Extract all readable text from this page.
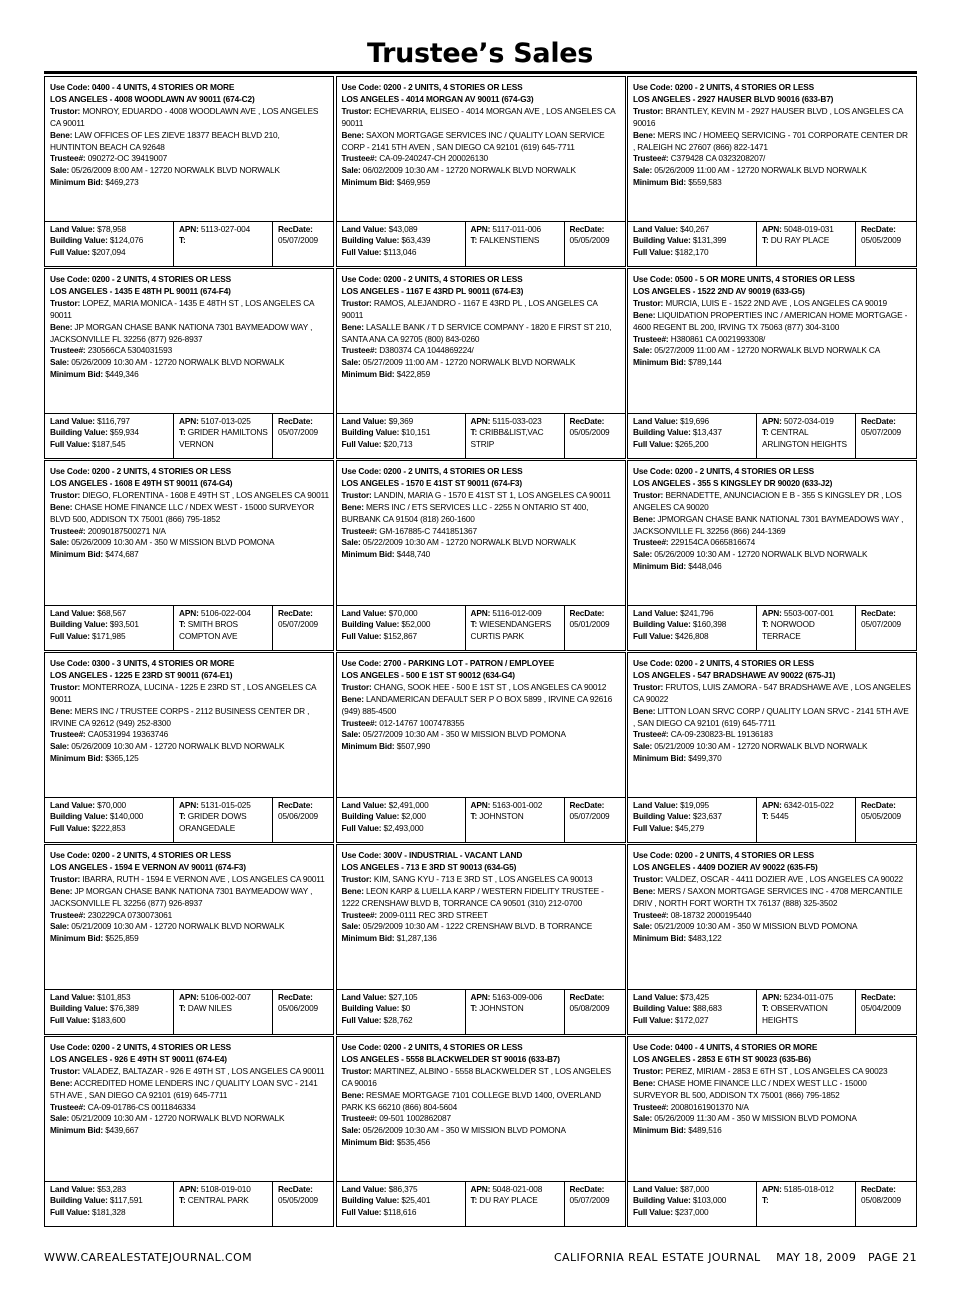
Trustee’s Sales

Use Code: 0400 - 4 UNITS, 4 STORIES OR MORE

LOS ANGELES - 4008 WOODLAWN AV 90011 (674-C2)

Trustor: MONROY, EDUARDO - 4008 WOODLAWN AVE , LOS ANGELES CA 90011

Bene: LAW OFFICES OF LES ZIEVE 18377 BEACH BLVD 210, HUNTINTON BEACH CA 92648

Trustee#: 090272-OC 39419007

Sale: 05/26/2009 8:00 AM - 12720 NORWALK BLVD NORWALK

Minimum Bid: $469,273

Land Value: $78,958
Building Value: $124,076
Full Value: $207,094
APN: 5113-027-004
T:
RecDate:
05/07/2009

Use Code: 0200 - 2 UNITS, 4 STORIES OR LESS

LOS ANGELES - 4014 MORGAN AV 90011 (674-G3)

Trustor: ECHEVARRIA, ELISEO - 4014 MORGAN AVE , LOS ANGELES CA 90011

Bene: SAXON MORTGAGE SERVICES INC / QUALITY LOAN SERVICE CORP - 2141 5TH AVEN , SAN DIEGO CA 92101 (619) 645-7711

Trustee#: CA-09-240247-CH 200026130

Sale: 06/02/2009 10:30 AM - 12720 NORWALK BLVD NORWALK

Minimum Bid: $469,959

Land Value: $43,089
Building Value: $63,439
Full Value: $113,046
APN: 5117-011-006
T: FALKENSTIENS
RecDate:
05/05/2009

Use Code: 0200 - 2 UNITS, 4 STORIES OR LESS

LOS ANGELES - 2927 HAUSER BLVD 90016 (633-B7)

Trustor: BRANTLEY, KEVIN M - 2927 HAUSER BLVD , LOS ANGELES CA 90016

Bene: MERS INC / HOMEEQ SERVICING - 701 CORPORATE CENTER DR , RALEIGH NC 27607 (866) 822-1471

Trustee#: C379428 CA 0323208207/

Sale: 05/26/2009 11:00 AM - 12720 NORWALK BLVD NORWALK

Minimum Bid: $559,583

Land Value: $40,267
Building Value: $131,399
Full Value: $182,170
APN: 5048-019-031
T: DU RAY PLACE
RecDate:
05/05/2009

Use Code: 0200 - 2 UNITS, 4 STORIES OR LESS

LOS ANGELES - 1435 E 48TH PL 90011 (674-F4)

Trustor: LOPEZ, MARIA MONICA - 1435 E 48TH ST , LOS ANGELES CA 90011

Bene: JP MORGAN CHASE BANK NATIONA 7301 BAYMEADOW WAY , JACKSONVILLE FL 32256 (877) 926-8937

Trustee#: 230566CA 5304031593

Sale: 05/26/2009 10:30 AM - 12720 NORWALK BLVD NORWALK

Minimum Bid: $449,346

Land Value: $116,797
Building Value: $59,934
Full Value: $187,545
APN: 5107-013-025
T: GRIDER HAMILTONS VERNON
RecDate:
05/07/2009

Use Code: 0200 - 2 UNITS, 4 STORIES OR LESS

LOS ANGELES - 1167 E 43RD PL 90011 (674-E3)

Trustor: RAMOS, ALEJANDRO - 1167 E 43RD PL , LOS ANGELES CA 90011

Bene: LASALLE BANK / T D SERVICE COMPANY - 1820 E FIRST ST 210, SANTA ANA CA 92705 (800) 843-0260

Trustee#: D380374 CA 1044869224/

Sale: 05/27/2009 11:00 AM - 12720 NORWALK BLVD NORWALK

Minimum Bid: $422,859

Land Value: $9,369
Building Value: $10,151
Full Value: $20,713
APN: 5115-033-023
T: CRIBB&LIST,VAC STRIP
RecDate:
05/05/2009

Use Code: 0500 - 5 OR MORE UNITS, 4 STORIES OR LESS

LOS ANGELES - 1522 2ND AV 90019 (633-G5)

Trustor: MURCIA, LUIS E - 1522 2ND AVE , LOS ANGELES CA 90019

Bene: LIQUIDATION PROPERTIES INC / AMERICAN HOME MORTGAGE - 4600 REGENT BL 200, IRVING TX 75063 (877) 304-3100

Trustee#: H380861 CA 0021993308/

Sale: 05/27/2009 11:00 AM - 12720 NORWALK BLVD NORWALK CA

Minimum Bid: $789,144

Land Value: $19,696
Building Value: $13,437
Full Value: $265,200
APN: 5072-034-019
T: CENTRAL ARLINGTON HEIGHTS
RecDate:
05/07/2009

Use Code: 0200 - 2 UNITS, 4 STORIES OR LESS

LOS ANGELES - 1608 E 49TH ST 90011 (674-G4)

Trustor: DIEGO, FLORENTINA - 1608 E 49TH ST , LOS ANGELES CA 90011

Bene: CHASE HOME FINANCE LLC / NDEX WEST - 15000 SURVEYOR BLVD 500, ADDISON TX 75001 (866) 795-1852

Trustee#: 20090187500271 N/A

Sale: 05/26/2009 10:30 AM - 350 W MISSION BLVD POMONA

Minimum Bid: $474,687

Land Value: $68,567
Building Value: $93,501
Full Value: $171,985
APN: 5106-022-004
T: SMITH BROS COMPTON AVE
RecDate:
05/07/2009

Use Code: 0200 - 2 UNITS, 4 STORIES OR LESS

LOS ANGELES - 1570 E 41ST ST 90011 (674-F3)

Trustor: LANDIN, MARIA G - 1570 E 41ST ST 1, LOS ANGELES CA 90011

Bene: MERS INC / ETS SERVICES LLC - 2255 N ONTARIO ST 400, BURBANK CA 91504 (818) 260-1600

Trustee#: GM-167885-C 7441851367

Sale: 05/22/2009 10:30 AM - 12720 NORWALK BLVD NORWALK

Minimum Bid: $448,740

Land Value: $70,000
Building Value: $52,000
Full Value: $152,867
APN: 5116-012-009
T: WIESENDANGERS CURTIS PARK
RecDate:
05/01/2009

Use Code: 0200 - 2 UNITS, 4 STORIES OR LESS

LOS ANGELES - 355 S KINGSLEY DR 90020 (633-J2)

Trustor: BERNADETTE, ANUNCIACION E B - 355 S KINGSLEY DR , LOS ANGELES CA 90020

Bene: JPMORGAN CHASE BANK NATIONAL 7301 BAYMEADOWS WAY , JACKSONVILLE FL 32256 (866) 244-1369

Trustee#: 229154CA 0665816674

Sale: 05/26/2009 10:30 AM - 12720 NORWALK BLVD NORWALK

Minimum Bid: $448,046

Land Value: $241,796
Building Value: $160,398
Full Value: $426,808
APN: 5503-007-001
T: NORWOOD TERRACE
RecDate:
05/07/2009

Use Code: 0300 - 3 UNITS, 4 STORIES OR MORE

LOS ANGELES - 1225 E 23RD ST 90011 (674-E1)

Trustor: MONTERROZA, LUCINA - 1225 E 23RD ST , LOS ANGELES CA 90011

Bene: MERS INC / TRUSTEE CORPS - 2112 BUSINESS CENTER DR , IRVINE CA 92612 (949) 252-8300

Trustee#: CA0531994 19363746

Sale: 05/26/2009 10:30 AM - 12720 NORWALK BLVD NORWALK

Minimum Bid: $365,125

Land Value: $70,000
Building Value: $140,000
Full Value: $222,853
APN: 5131-015-025
T: GRIDER DOWS ORANGEDALE
RecDate:
05/06/2009

Use Code: 2700 - PARKING LOT - PATRON / EMPLOYEE

LOS ANGELES - 500 E 1ST ST 90012 (634-G4)

Trustor: CHANG, SOOK HEE - 500 E 1ST ST , LOS ANGELES CA 90012

Bene: LANDAMERICAN DEFAULT SER P O BOX 5899 , IRVINE CA 92616 (949) 885-4500

Trustee#: 012-14767 1007478355

Sale: 05/27/2009 10:30 AM - 350 W MISSION BLVD POMONA

Minimum Bid: $507,990

Land Value: $2,491,000
Building Value: $2,000
Full Value: $2,493,000
APN: 5163-001-002
T: JOHNSTON
RecDate:
05/07/2009

Use Code: 0200 - 2 UNITS, 4 STORIES OR LESS

LOS ANGELES - 547 BRADSHAWE AV 90022 (675-J1)

Trustor: FRUTOS, LUIS ZAMORA - 547 BRADSHAWE AVE , LOS ANGELES CA 90022

Bene: LITTON LOAN SRVC CORP / QUALITY LOAN SRVC - 2141 5TH AVE , SAN DIEGO CA 92101 (619) 645-7711

Trustee#: CA-09-230823-BL 19136183

Sale: 05/21/2009 10:30 AM - 12720 NORWALK BLVD NORWALK

Minimum Bid: $499,370

Land Value: $19,095
Building Value: $23,637
Full Value: $45,279
APN: 6342-015-022
T: 5445
RecDate:
05/05/2009

Use Code: 0200 - 2 UNITS, 4 STORIES OR LESS

LOS ANGELES - 1594 E VERNON AV 90011 (674-F3)

Trustor: IBARRA, RUTH - 1594 E VERNON AVE , LOS ANGELES CA 90011

Bene: JP MORGAN CHASE BANK NATIONA 7301 BAYMEADOW WAY , JACKSONVILLE FL 32256 (877) 926-8937

Trustee#: 230229CA 0730073061

Sale: 05/21/2009 10:30 AM - 12720 NORWALK BLVD NORWALK

Minimum Bid: $525,859

Land Value: $101,853
Building Value: $76,389
Full Value: $183,600
APN: 5106-002-007
T: DAW NILES
RecDate:
05/06/2009

Use Code: 300V - INDUSTRIAL - VACANT LAND

LOS ANGELES - 713 E 3RD ST 90013 (634-G5)

Trustor: KIM, SANG KYU - 713 E 3RD ST , LOS ANGELES CA 90013

Bene: LEON KARP & LUELLA KARP / WESTERN FIDELITY TRUSTEE - 1222 CRENSHAW BLVD B, TORRANCE CA 90501 (310) 212-0700

Trustee#: 2009-0111 REC 3RD STREET

Sale: 05/29/2009 10:30 AM - 1222 CRENSHAW BLVD. B TORRANCE

Minimum Bid: $1,287,136

Land Value: $27,105
Building Value: $0
Full Value: $28,762
APN: 5163-009-006
T: JOHNSTON
RecDate:
05/08/2009

Use Code: 0200 - 2 UNITS, 4 STORIES OR LESS

LOS ANGELES - 4409 DOZIER AV 90022 (635-F5)

Trustor: VALDEZ, OSCAR - 4411 DOZIER AVE , LOS ANGELES CA 90022

Bene: MERS / SAXON MORTGAGE SERVICES INC - 4708 MERCANTILE DRIV , NORTH FORT WORTH TX 76137 (888) 325-3502

Trustee#: 08-18732 2000195440

Sale: 05/21/2009 10:30 AM - 350 W MISSION BLVD POMONA

Minimum Bid: $483,122

Land Value: $73,425
Building Value: $88,683
Full Value: $172,027
APN: 5234-011-075
T: OBSERVATION HEIGHTS
RecDate:
05/04/2009

Use Code: 0200 - 2 UNITS, 4 STORIES OR LESS

LOS ANGELES - 926 E 49TH ST 90011 (674-E4)

Trustor: VALADEZ, BALTAZAR - 926 E 49TH ST , LOS ANGELES CA 90011

Bene: ACCREDITED HOME LENDERS INC / QUALITY LOAN SVC - 2141 5TH AVE , SAN DIEGO CA 92101 (619) 645-7711

Trustee#: CA-09-01786-CS 0011846334

Sale: 05/21/2009 10:30 AM - 12720 NORWALK BLVD NORWALK

Minimum Bid: $439,667

Land Value: $53,283
Building Value: $117,591
Full Value: $181,328
APN: 5108-019-010
T: CENTRAL PARK
RecDate:
05/05/2009

Use Code: 0200 - 2 UNITS, 4 STORIES OR LESS

LOS ANGELES - 5558 BLACKWELDER ST 90016 (633-B7)

Trustor: MARTINEZ, ALBINO - 5558 BLACKWELDER ST , LOS ANGELES CA 90016

Bene: RESMAE MORTGAGE 7101 COLLEGE BLVD 1400, OVERLAND PARK KS 66210 (866) 804-5604

Trustee#: 09-501 1002862087

Sale: 05/26/2009 10:30 AM - 350 W MISSION BLVD POMONA

Minimum Bid: $535,456

Land Value: $86,375
Building Value: $25,401
Full Value: $118,616
APN: 5048-021-008
T: DU RAY PLACE
RecDate:
05/07/2009

Use Code: 0400 - 4 UNITS, 4 STORIES OR MORE

LOS ANGELES - 2853 E 6TH ST 90023 (635-B6)

Trustor: PEREZ, MIRIAM - 2853 E 6TH ST , LOS ANGELES CA 90023

Bene: CHASE HOME FINANCE LLC / NDEX WEST LLC - 15000 SURVEYOR BL 500, ADDISON TX 75001 (866) 795-1852

Trustee#: 20080161901370 N/A

Sale: 05/26/2009 11:30 AM - 350 W MISSION BLVD POMONA

Minimum Bid: $489,516

Land Value: $87,000
Building Value: $103,000
Full Value: $237,000
APN: 5185-018-012
T:
RecDate:
05/08/2009
WWW.CAREALESTATEJOURNAL.COM	CALIFORNIA REAL ESTATE JOURNAL    MAY 18, 2009   PAGE 21
